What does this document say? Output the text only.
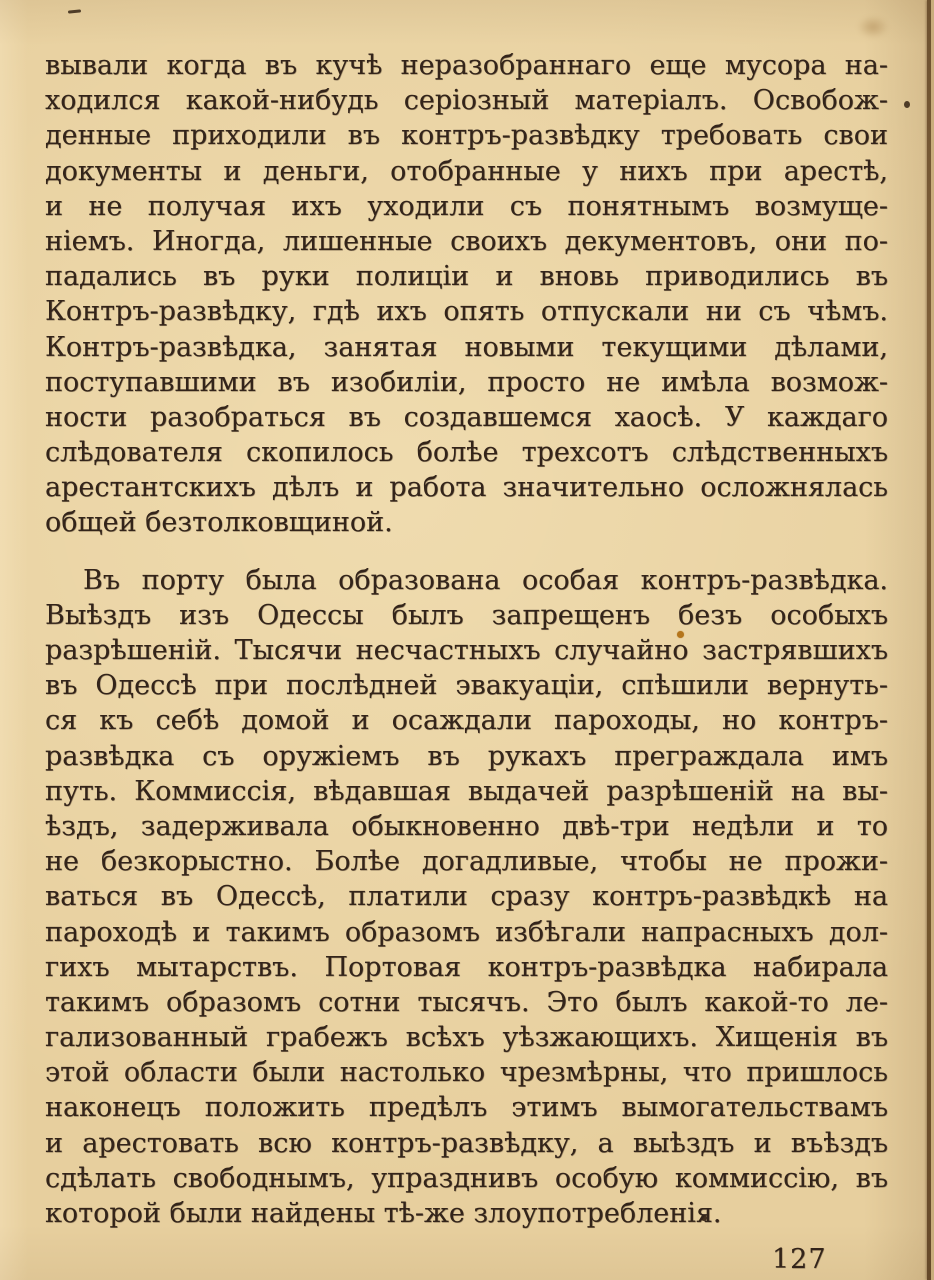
вывали когда въ кучѣ неразобраннаго еще мусора на-
ходился какой-нибудь серіозный матеріалъ. Освобож-
денные приходили въ контръ-развѣдку требовать свои
документы и деньги, отобранные у нихъ при арестѣ,
и не получая ихъ уходили съ понятнымъ возмуще-
ніемъ. Иногда, лишенные своихъ декументовъ, они по-
падались въ руки полиціи и вновь приводились въ
Контръ-развѣдку, гдѣ ихъ опять отпускали ни съ чѣмъ.
Контръ-развѣдка, занятая новыми текущими дѣлами,
поступавшими въ изобиліи, просто не имѣла возмож-
ности разобраться въ создавшемся хаосѣ. У каждаго
слѣдователя скопилось болѣе трехсотъ слѣдственныхъ
арестантскихъ дѣлъ и работа значительно осложнялась
общей безтолковщиной.
Въ порту была образована особая контръ-развѣдка.
Выѣздъ изъ Одессы былъ запрещенъ безъ особыхъ
разрѣшеній. Тысячи несчастныхъ случайно застрявшихъ
въ Одессѣ при послѣдней эвакуаціи, спѣшили вернуть-
ся къ себѣ домой и осаждали пароходы, но контръ-
развѣдка съ оружіемъ въ рукахъ преграждала имъ
путь. Коммиссія, вѣдавшая выдачей разрѣшеній на вы-
ѣздъ, задерживала обыкновенно двѣ-три недѣли и то
не безкорыстно. Болѣе догадливые, чтобы не прожи-
ваться въ Одессѣ, платили сразу контръ-развѣдкѣ на
пароходѣ и такимъ образомъ избѣгали напрасныхъ дол-
гихъ мытарствъ. Портовая контръ-развѣдка набирала
такимъ образомъ сотни тысячъ. Это былъ какой-то ле-
гализованный грабежъ всѣхъ уѣзжающихъ. Хищенія въ
этой области были настолько чрезмѣрны, что пришлось
наконецъ положить предѣлъ этимъ вымогательствамъ
и арестовать всю контръ-развѣдку, а выѣздъ и въѣздъ
сдѣлать свободнымъ, упразднивъ особую коммиссію, въ
которой были найдены тѣ-же злоупотребленія.
127
